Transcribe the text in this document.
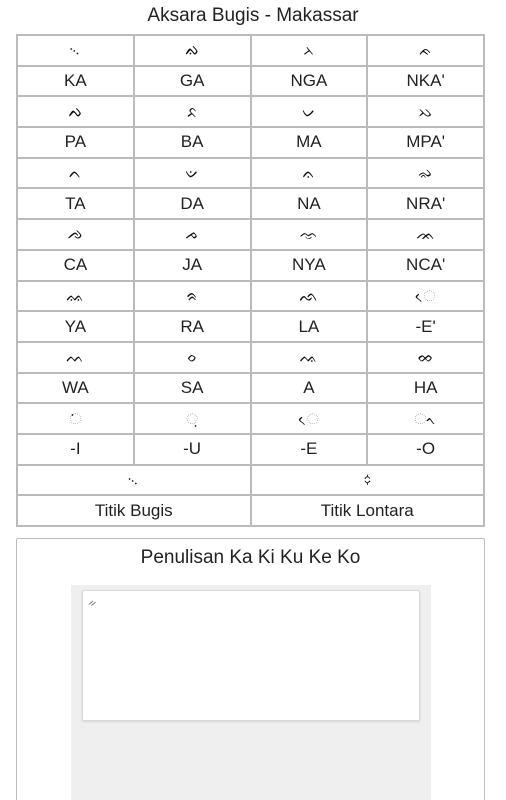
Aksara Bugis - Makassar
᨞	ᨁ	ᨂ	ᨃ
KA	GA	NGA	NKA'
ᨄ	ᨅ	ᨆ	ᨇ
PA	BA	MA	MPA'
ᨈ	ᨉ	ᨊ	ᨋ
TA	DA	NA	NRA'
ᨌ	ᨍ	ᨎ	ᨏ
CA	JA	NYA	NCA'
ᨐ	ᨑ	ᨒ	ᨙ
YA	RA	LA	-E'
ᨓ	ᨔ	ᨕ	ᨖ
WA	SA	A	HA
ᨗ	ᨘ	ᨙ	ᨚ
-I	-U	-E	-O
᨞		᨟	
Titik Bugis		Titik Lontara	
Penulisan Ka Ki Ku Ke Ko
ᨀ
